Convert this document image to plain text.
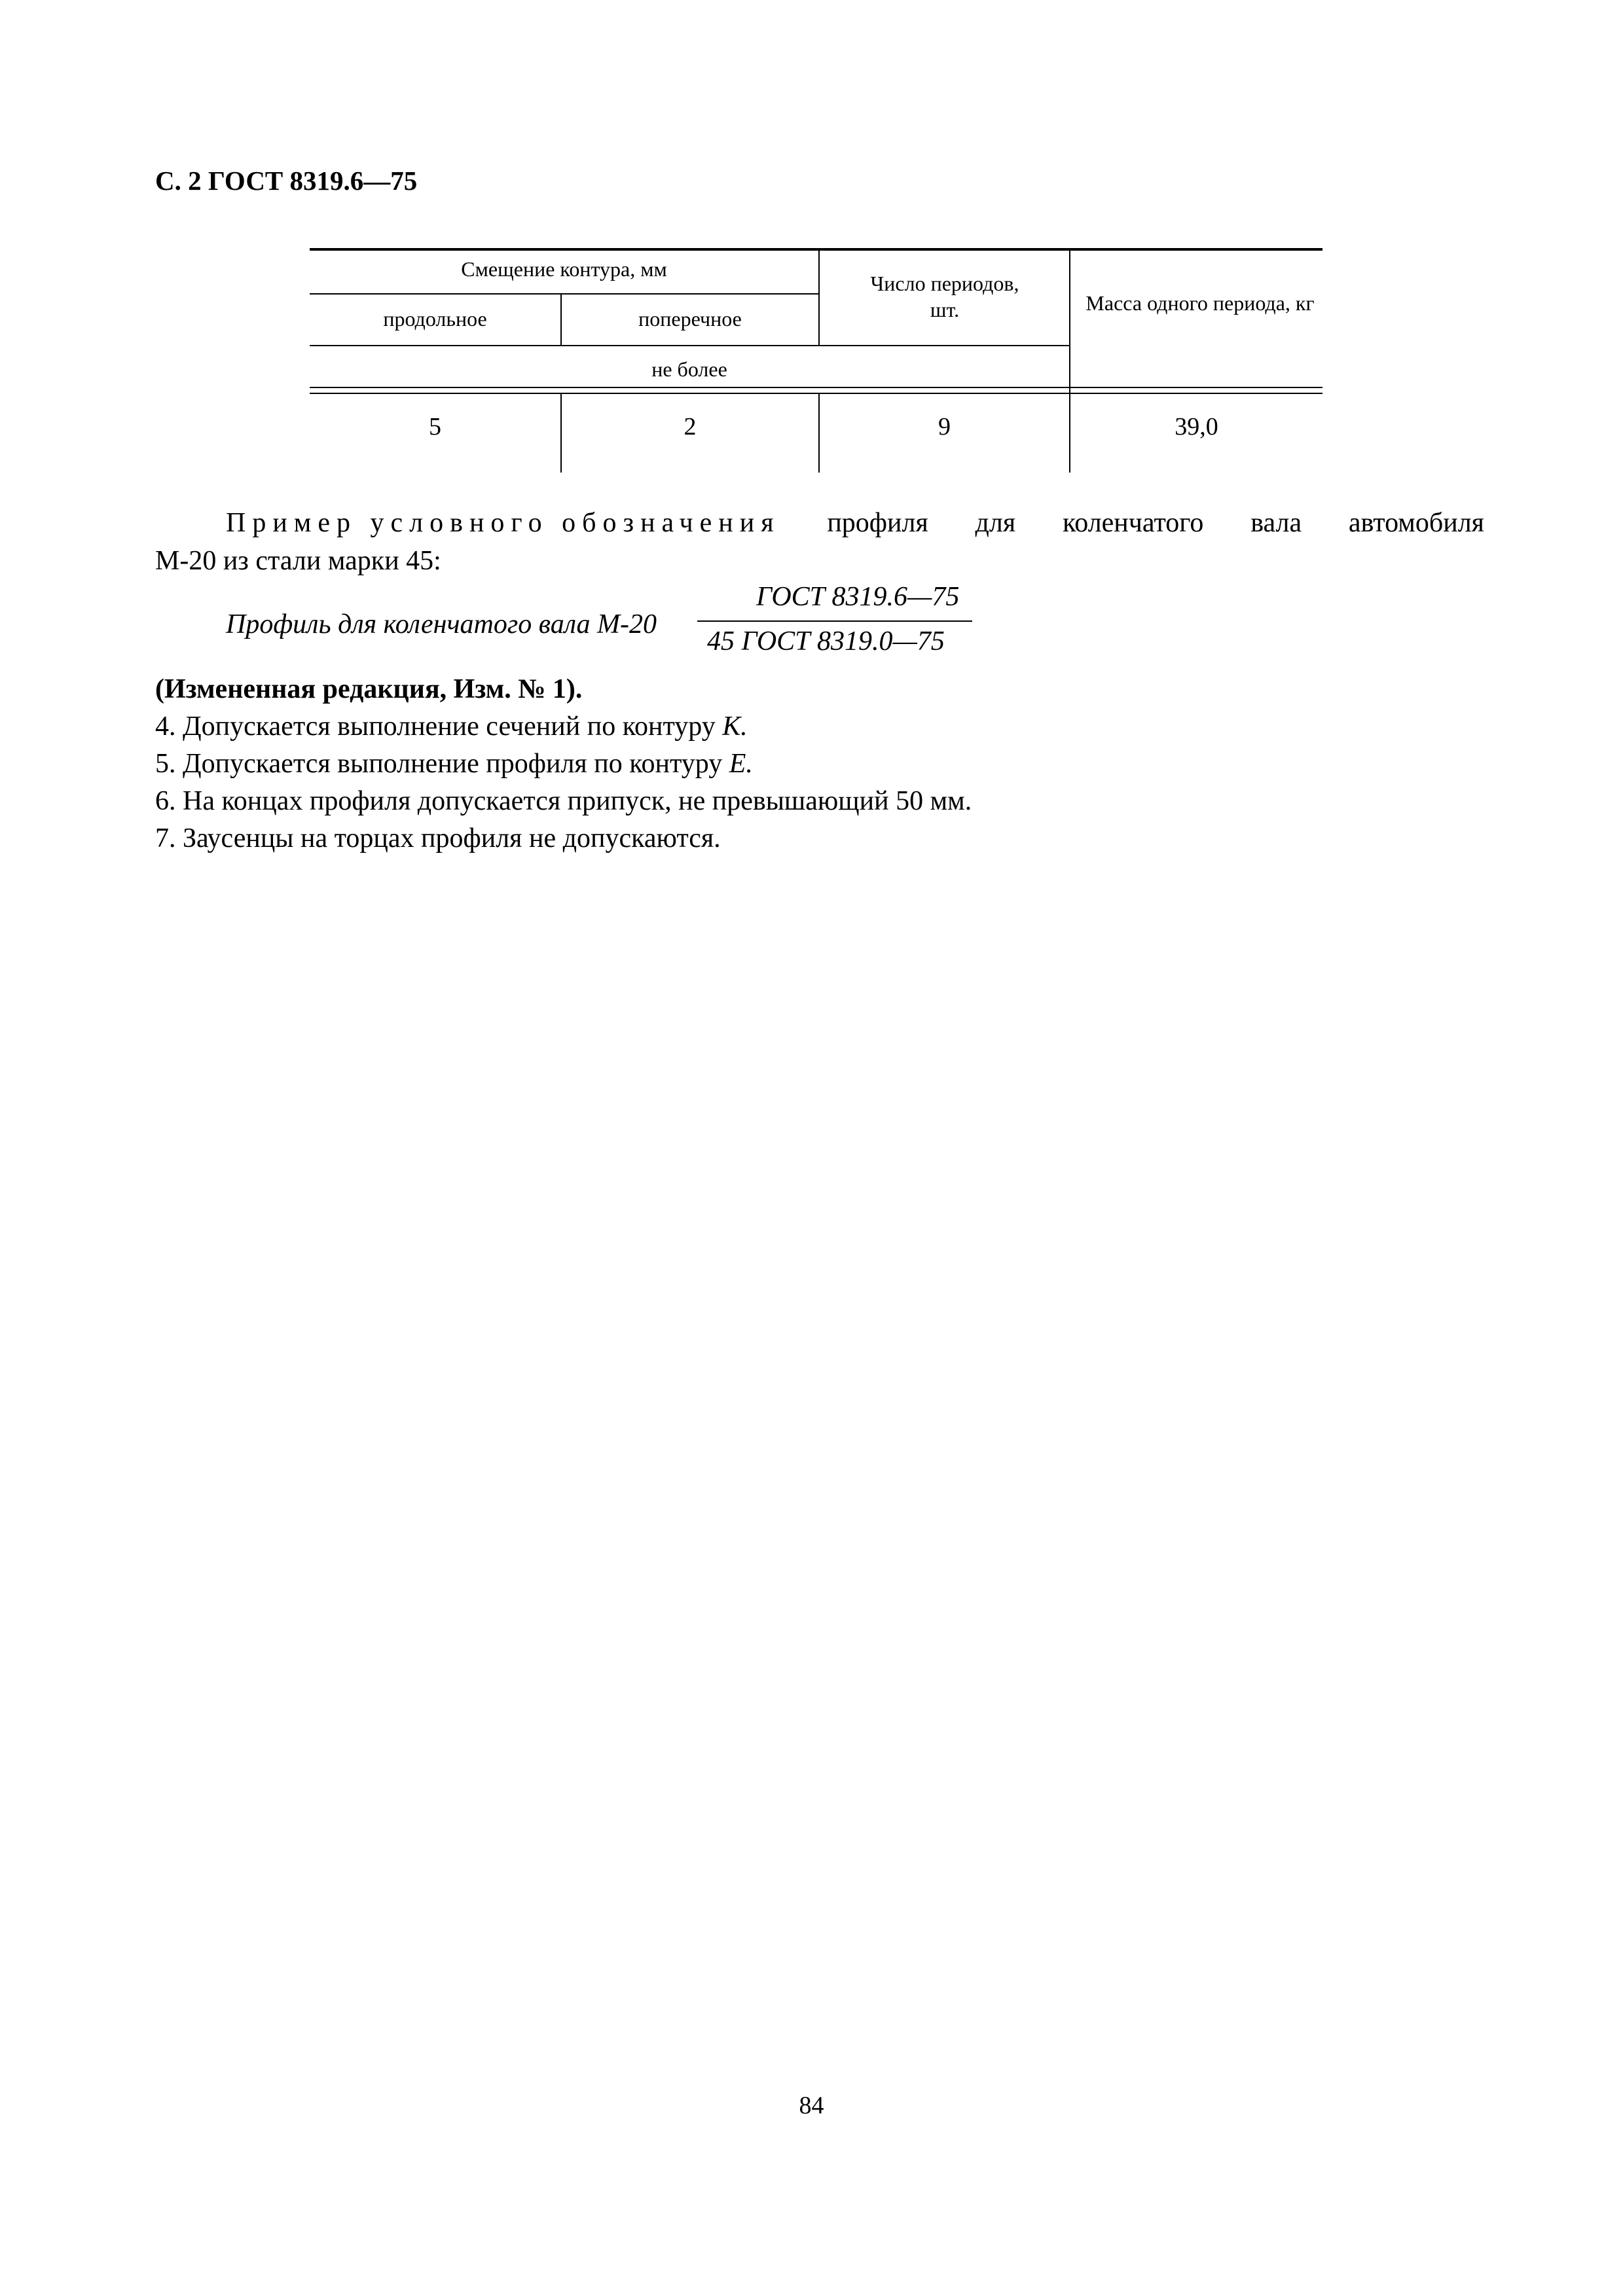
С. 2 ГОСТ 8319.6—75
Смещение контура, мм
продольное	поперечное
Число периодов, шт.	Масса одного периода, кг
не более
5	2	9	39,0
Пример условного обозначения профиля для коленчатого вала автомобиля
М-20 из стали марки 45:
Профиль для коленчатого вала М-20
ГОСТ 8319.6—75
45 ГОСТ 8319.0—75
(Измененная редакция, Изм. № 1).
4. Допускается выполнение сечений по контуру К.
5. Допускается выполнение профиля по контуру Е.
6. На концах профиля допускается припуск, не превышающий 50 мм.
7. Заусенцы на торцах профиля не допускаются.
84
